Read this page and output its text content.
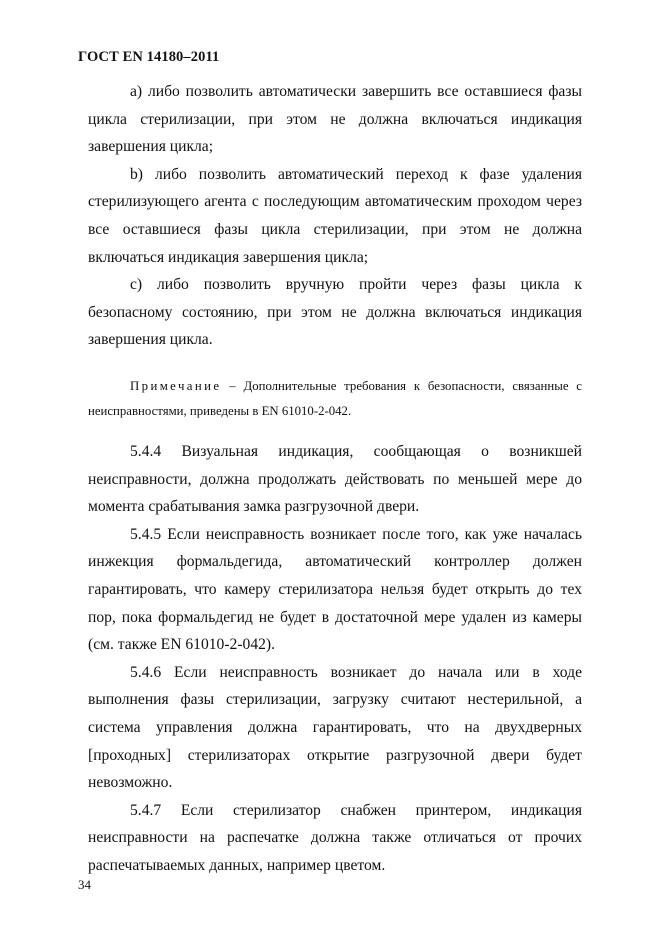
ГОСТ EN 14180–2011

a) либо позволить автоматически завершить все оставшиеся фазы цикла стерилизации, при этом не должна включаться индикация завершения цикла;

b) либо позволить автоматический переход к фазе удаления стерилизующего агента с последующим автоматическим проходом через все оставшиеся фазы цикла стерилизации, при этом не должна включаться индикация завершения цикла;

c) либо позволить вручную пройти через фазы цикла к безопасному состоянию, при этом не должна включаться индикация завершения цикла.

Примечание – Дополнительные требования к безопасности, связанные с неисправностями, приведены в EN 61010-2-042.

5.4.4 Визуальная индикация, сообщающая о возникшей неисправности, должна продолжать действовать по меньшей мере до момента срабатывания замка разгрузочной двери.

5.4.5 Если неисправность возникает после того, как уже началась инжекция формальдегида, автоматический контроллер должен гарантировать, что камеру стерилизатора нельзя будет открыть до тех пор, пока формальдегид не будет в достаточной мере удален из камеры (см. также EN 61010-2-042).

5.4.6 Если неисправность возникает до начала или в ходе выполнения фазы стерилизации, загрузку считают нестерильной, а система управления должна гарантировать, что на двухдверных [проходных] стерилизаторах открытие разгрузочной двери будет невозможно.

5.4.7 Если стерилизатор снабжен принтером, индикация неисправности на распечатке должна также отличаться от прочих распечатываемых данных, например цветом.

34
